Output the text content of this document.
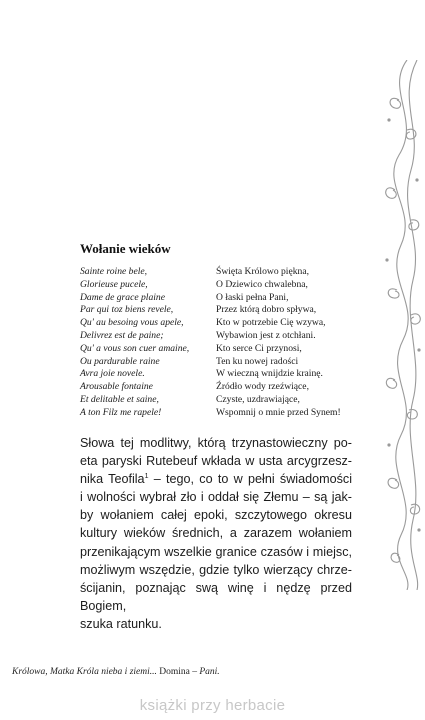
Wołanie wieków
Sainte roine bele,
Glorieuse pucele,
Dame de grace plaine
Par qui toz biens revele,
Qu' au besoing vous apele,
Delivrez est de paine;
Qu' a vous son cuer amaine,
Ou pardurable raine
Avra joie novele.
Arousable fontaine
Et delitable et saine,
A ton Filz me rapele!
Święta Królowo piękna,
O Dziewico chwalebna,
O łaski pełna Pani,
Przez którą dobro spływa,
Kto w potrzebie Cię wzywa,
Wybawion jest z otchłani.
Kto serce Ci przynosi,
Ten ku nowej radości
W wieczną wnijdzie krainę.
Źródło wody rzeźwiące,
Czyste, uzdrawiające,
Wspomnij o mnie przed Synem!
Słowa tej modlitwy, którą trzynastowieczny po-
eta paryski Rutebeuf wkłada w usta arcygrzesz-
nika Teofila$^1$ – tego, co to w pełni świadomości
i wolności wybrał zło i oddał się Złemu – są jak-
by wołaniem całej epoki, szczytowego okresu
kultury wieków średnich, a zarazem wołaniem
przenikającym wszelkie granice czasów i miejsc,
możliwym wszędzie, gdzie tylko wierzący chrze-
ścijanin, poznając swą winę i nędzę przed Bogiem,
szuka ratunku.
Królowa, Matka Króla nieba i ziemi... Domina – Pani.
książki przy herbacie
